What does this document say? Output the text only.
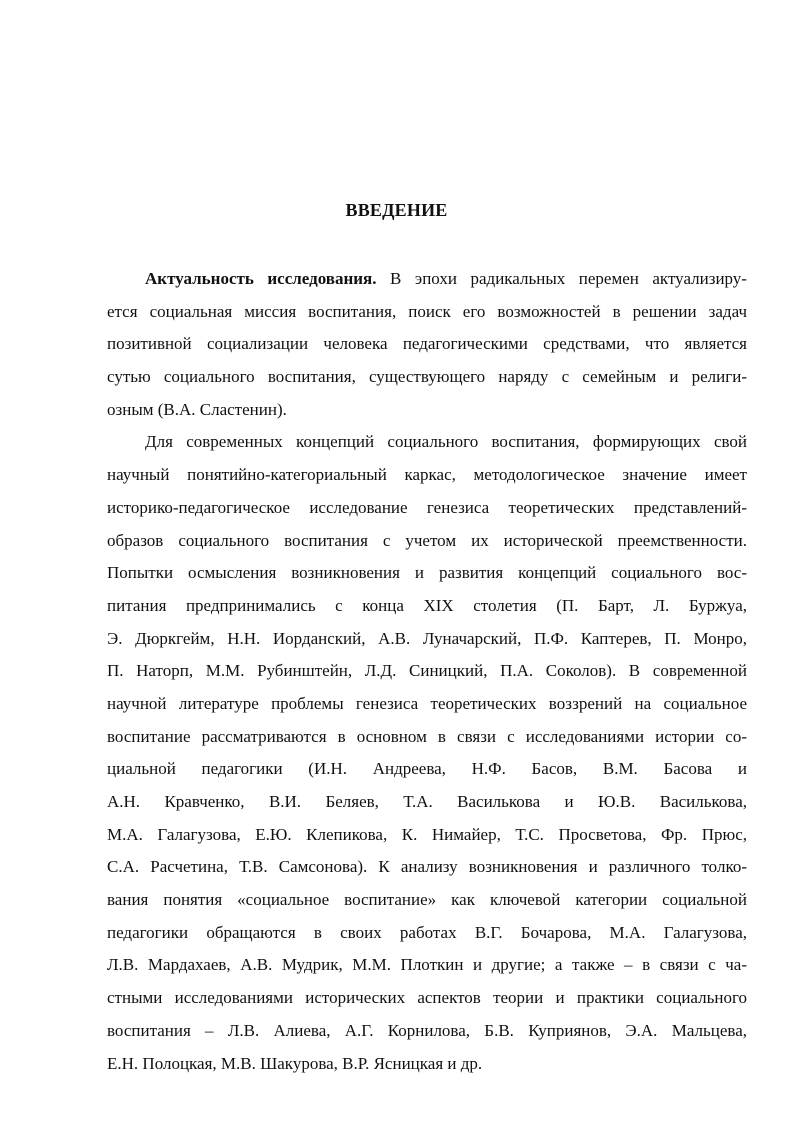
ВВЕДЕНИЕ
Актуальность исследования. В эпохи радикальных перемен актуализиру-
ется социальная миссия воспитания, поиск его возможностей в решении задач
позитивной социализации человека педагогическими средствами, что является
сутью социального воспитания, существующего наряду с семейным и религи-
озным (В.А. Сластенин).
Для современных концепций социального воспитания, формирующих свой
научный понятийно-категориальный каркас, методологическое значение имеет
историко-педагогическое исследование генезиса теоретических представлений-
образов социального воспитания с учетом их исторической преемственности.
Попытки осмысления возникновения и развития концепций социального вос-
питания предпринимались с конца XIX столетия (П. Барт, Л. Буржуа,
Э. Дюркгейм, Н.Н. Иорданский, А.В. Луначарский, П.Ф. Каптерев, П. Монро,
П. Наторп, М.М. Рубинштейн, Л.Д. Синицкий, П.А. Соколов). В современной
научной литературе проблемы генезиса теоретических воззрений на социальное
воспитание рассматриваются в основном в связи с исследованиями истории со-
циальной педагогики (И.Н. Андреева, Н.Ф. Басов, В.М. Басова и
А.Н. Кравченко, В.И. Беляев, Т.А. Василькова и Ю.В. Василькова,
М.А. Галагузова, Е.Ю. Клепикова, К. Нимайер, Т.С. Просветова, Фр. Прюс,
С.А. Расчетина, Т.В. Самсонова). К анализу возникновения и различного толко-
вания понятия «социальное воспитание» как ключевой категории социальной
педагогики обращаются в своих работах В.Г. Бочарова, М.А. Галагузова,
Л.В. Мардахаев, А.В. Мудрик, М.М. Плоткин и другие; а также – в связи с ча-
стными исследованиями исторических аспектов теории и практики социального
воспитания – Л.В. Алиева, А.Г. Корнилова, Б.В. Куприянов, Э.А. Мальцева,
Е.Н. Полоцкая, М.В. Шакурова, В.Р. Ясницкая и др.
